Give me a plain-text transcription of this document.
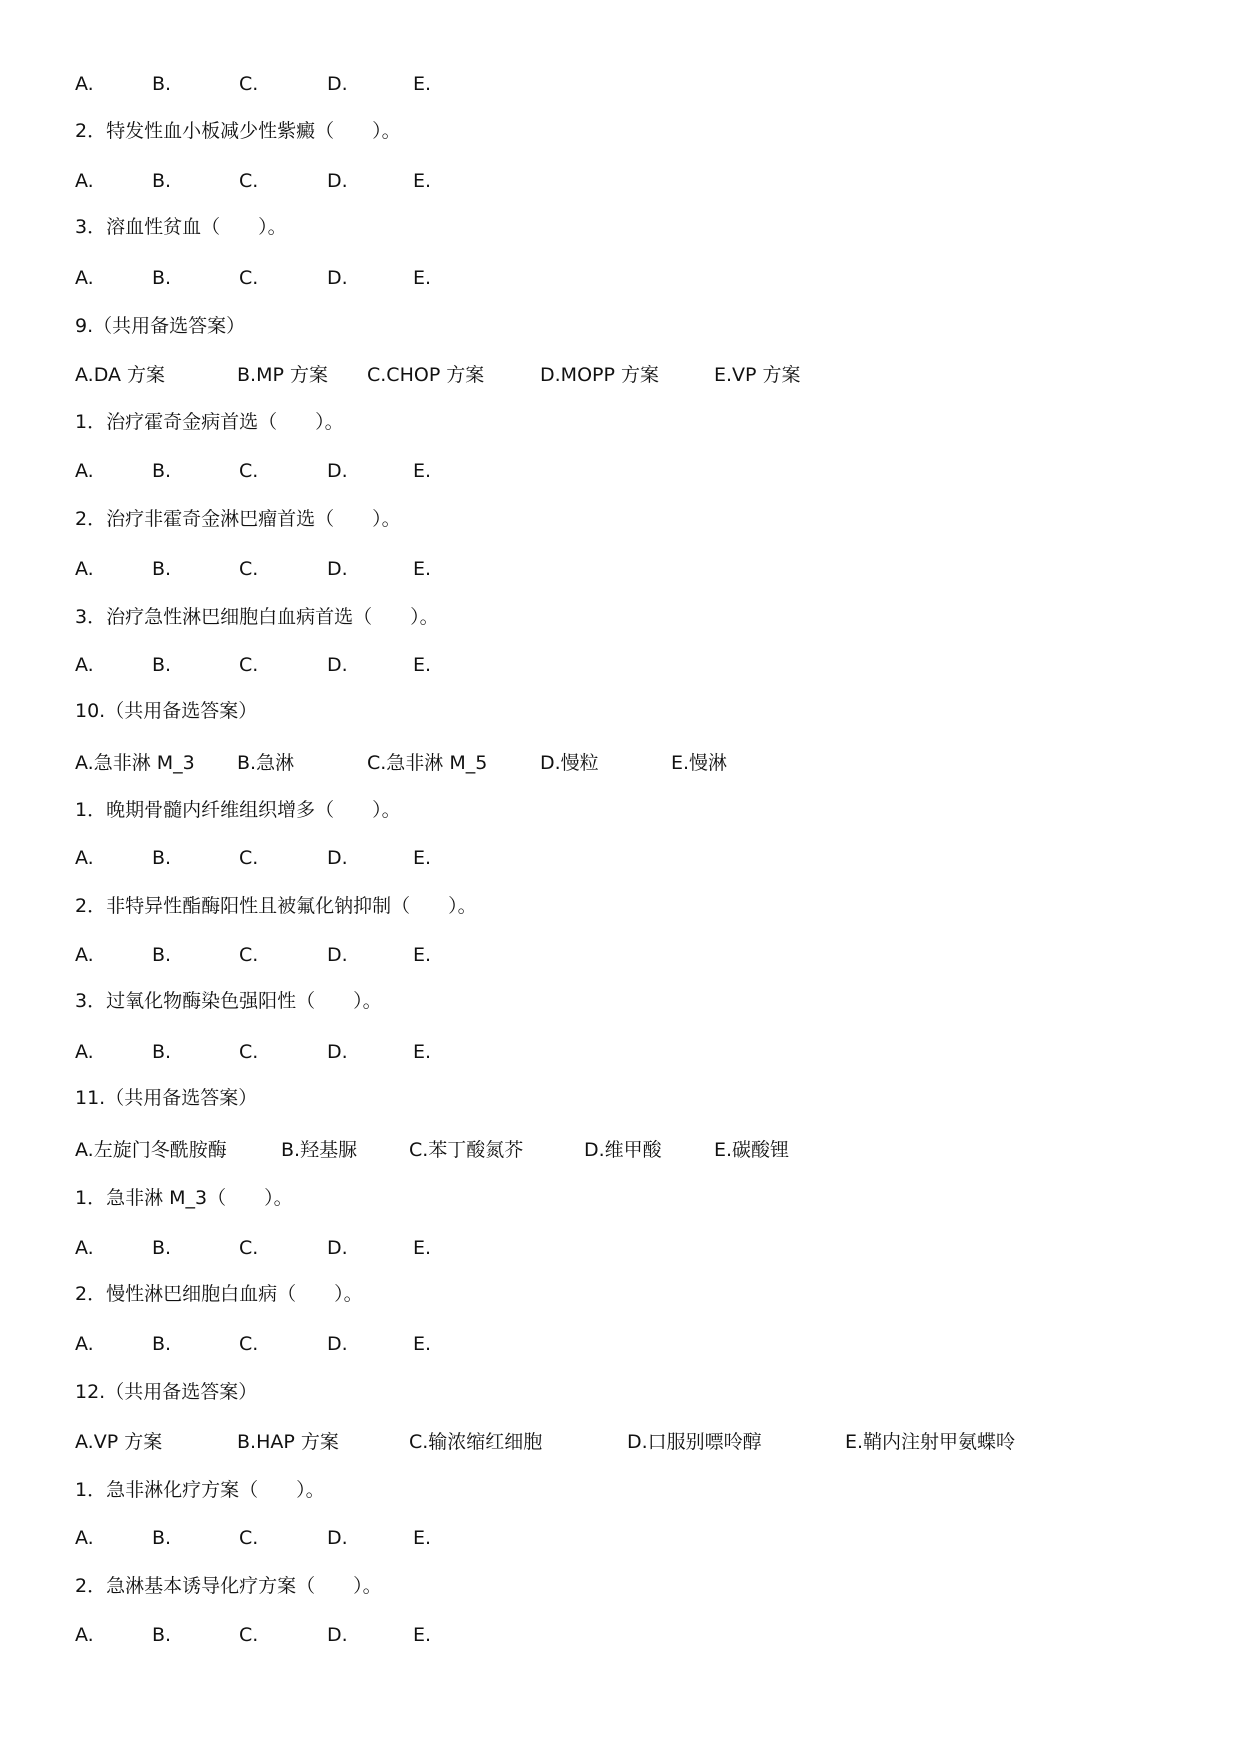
A.	B.	C.	D.	E.
2．特发性血小板减少性紫癜（　　）。
A.	B.	C.	D.	E.
3．溶血性贫血（　　）。
A.	B.	C.	D.	E.
9.（共用备选答案）
A.DA 方案	B.MP 方案 C.CHOP 方案	D.MOPP 方案	E.VP 方案
1．治疗霍奇金病首选（　　）。
A.	B.	C.	D.	E.
2．治疗非霍奇金淋巴瘤首选（　　）。
A.	B.	C.	D.	E.
3．治疗急性淋巴细胞白血病首选（　　）。
A.	B.	C.	D.	E.
10.（共用备选答案）
A.急非淋 M_3 B.急淋	C.急非淋 M_5	D.慢粒	E.慢淋
1．晚期骨髓内纤维组织增多（　　）。
A.	B.	C.	D.	E.
2．非特异性酯酶阳性且被氟化钠抑制（　　）。
A.	B.	C.	D.	E.
3．过氧化物酶染色强阳性（　　）。
A.	B.	C.	D.	E.
11.（共用备选答案）
A.左旋门冬酰胺酶	B.羟基脲	C.苯丁酸氮芥	D.维甲酸	E.碳酸锂
1．急非淋 M_3（　　）。
A.	B.	C.	D.	E.
2．慢性淋巴细胞白血病（　　）。
A.	B.	C.	D.	E.
12.（共用备选答案）
A.VP 方案	B.HAP 方案	C.输浓缩红细胞	D.口服别嘌呤醇	E.鞘内注射甲氨蝶呤
1．急非淋化疗方案（　　）。
A.	B.	C.	D.	E.
2．急淋基本诱导化疗方案（　　）。
A.	B.	C.	D.	E.
